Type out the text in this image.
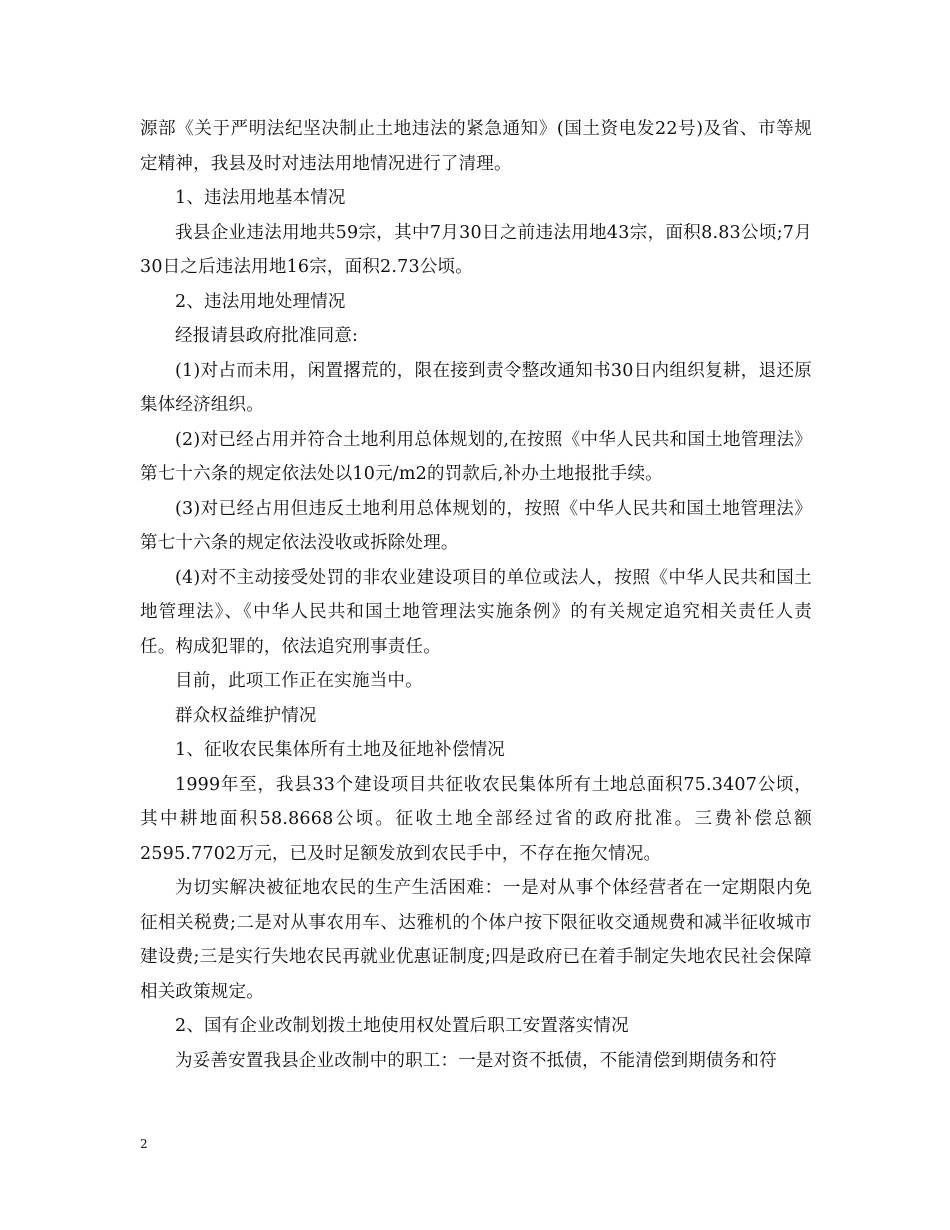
源部《关于严明法纪坚决制止土地违法的紧急通知》(国土资电发22号)及省、市等规定精神，我县及时对违法用地情况进行了清理。

1、违法用地基本情况

我县企业违法用地共59宗，其中7月30日之前违法用地43宗，面积8.83公顷;7月30日之后违法用地16宗，面积2.73公顷。

2、违法用地处理情况

经报请县政府批准同意:

(1)对占而未用，闲置撂荒的，限在接到责令整改通知书30日内组织复耕，退还原集体经济组织。

(2)对已经占用并符合土地利用总体规划的,在按照《中华人民共和国土地管理法》第七十六条的规定依法处以10元/m2的罚款后,补办土地报批手续。

(3)对已经占用但违反土地利用总体规划的，按照《中华人民共和国土地管理法》第七十六条的规定依法没收或拆除处理。

(4)对不主动接受处罚的非农业建设项目的单位或法人，按照《中华人民共和国土地管理法》、《中华人民共和国土地管理法实施条例》的有关规定追究相关责任人责任。构成犯罪的，依法追究刑事责任。

目前，此项工作正在实施当中。

群众权益维护情况

1、征收农民集体所有土地及征地补偿情况

1999年至，我县33个建设项目共征收农民集体所有土地总面积75.3407公顷，其中耕地面积58.8668公顷。征收土地全部经过省的政府批准。三费补偿总额2595.7702万元，已及时足额发放到农民手中，不存在拖欠情况。

为切实解决被征地农民的生产生活困难：一是对从事个体经营者在一定期限内免征相关税费;二是对从事农用车、达雅机的个体户按下限征收交通规费和减半征收城市建设费;三是实行失地农民再就业优惠证制度;四是政府已在着手制定失地农民社会保障相关政策规定。

2、国有企业改制划拨土地使用权处置后职工安置落实情况

为妥善安置我县企业改制中的职工：一是对资不抵债，不能清偿到期债务和符

2
